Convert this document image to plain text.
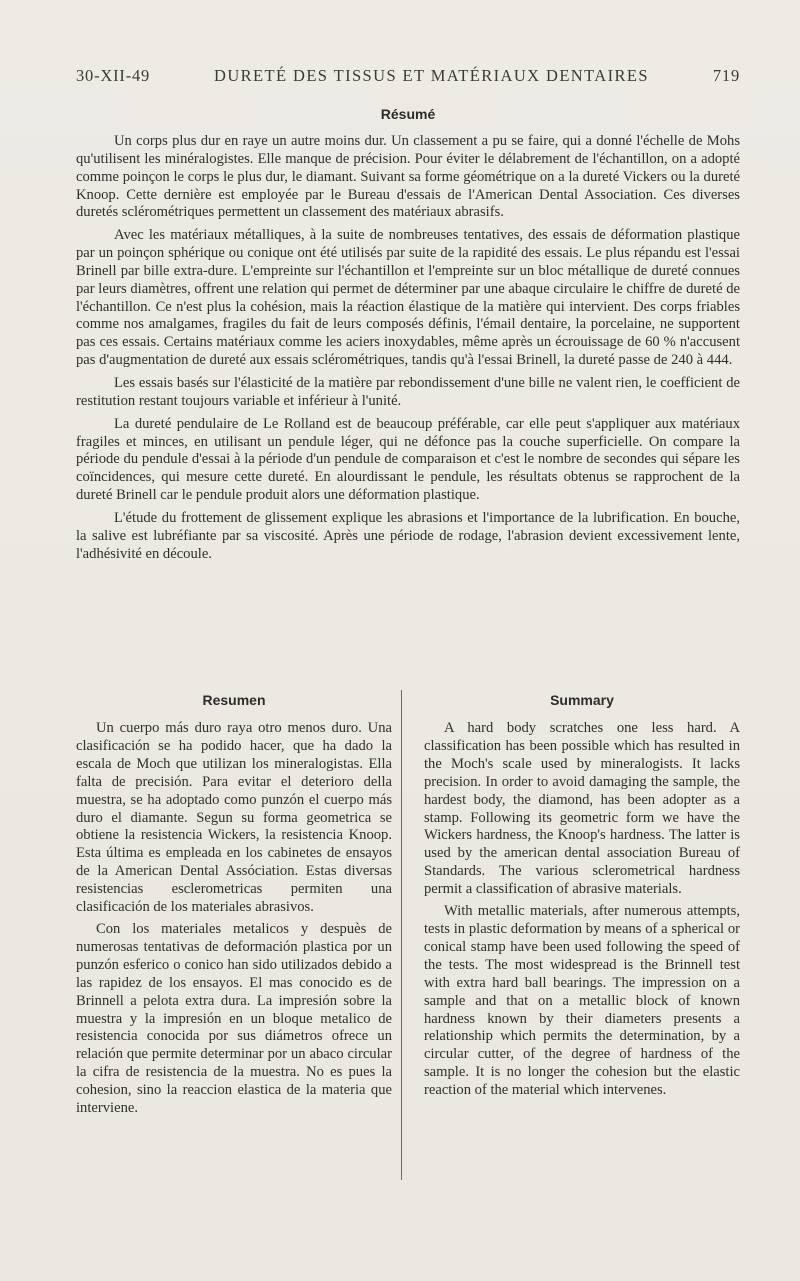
30-XII-49	DURETÉ DES TISSUS ET MATÉRIAUX DENTAIRES	719
Résumé

Un corps plus dur en raye un autre moins dur. Un classement a pu se faire, qui a donné l'échelle de Mohs qu'utilisent les minéralogistes. Elle manque de précision. Pour éviter le délabrement de l'échantillon, on a adopté comme poinçon le corps le plus dur, le diamant. Suivant sa forme géométrique on a la dureté Vickers ou la dureté Knoop. Cette dernière est employée par le Bureau d'essais de l'American Dental Association. Ces diverses duretés sclérométriques permettent un classement des matériaux abrasifs.

Avec les matériaux métalliques, à la suite de nombreuses tentatives, des essais de déformation plastique par un poinçon sphérique ou conique ont été utilisés par suite de la rapidité des essais. Le plus répandu est l'essai Brinell par bille extra-dure. L'empreinte sur l'échantillon et l'empreinte sur un bloc métallique de dureté connues par leurs diamètres, offrent une relation qui permet de déterminer par une abaque circulaire le chiffre de dureté de l'échantillon. Ce n'est plus la cohésion, mais la réaction élastique de la matière qui intervient. Des corps friables comme nos amalgames, fragiles du fait de leurs composés définis, l'émail dentaire, la porcelaine, ne supportent pas ces essais. Certains matériaux comme les aciers inoxydables, même après un écrouissage de 60 % n'accusent pas d'augmentation de dureté aux essais sclérométriques, tandis qu'à l'essai Brinell, la dureté passe de 240 à 444.

Les essais basés sur l'élasticité de la matière par rebondissement d'une bille ne valent rien, le coefficient de restitution restant toujours variable et inférieur à l'unité.

La dureté pendulaire de Le Rolland est de beaucoup préférable, car elle peut s'appliquer aux matériaux fragiles et minces, en utilisant un pendule léger, qui ne défonce pas la couche superficielle. On compare la période du pendule d'essai à la période d'un pendule de comparaison et c'est le nombre de secondes qui sépare les coïncidences, qui mesure cette dureté. En alourdissant le pendule, les résultats obtenus se rapprochent de la dureté Brinell car le pendule produit alors une déformation plastique.

L'étude du frottement de glissement explique les abrasions et l'importance de la lubrification. En bouche, la salive est lubréfiante par sa viscosité. Après une période de rodage, l'abrasion devient excessivement lente, l'adhésivité en découle.

Resumen

Un cuerpo más duro raya otro menos duro. Una clasificación se ha podido hacer, que ha dado la escala de Moch que utilizan los mineralogistas. Ella falta de precisión. Para evitar el deterioro della muestra, se ha adoptado como punzón el cuerpo más duro el diamante. Segun su forma geometrica se obtiene la resistencia Wickers, la resistencia Knoop. Esta última es empleada en los cabinetes de ensayos de la American Dental Assóciation. Estas diversas resistencias esclerometricas permiten una clasificación de los materiales abrasivos.

Con los materiales metalicos y despuès de numerosas tentativas de deformación plastica por un punzón esferico o conico han sido utilizados debido a las rapidez de los ensayos. El mas conocido es de Brinnell a pelota extra dura. La impresión sobre la muestra y la impresión en un bloque metalico de resistencia conocida por sus diámetros ofrece un relación que permite determinar por un abaco circular la cifra de resistencia de la muestra. No es pues la cohesion, sino la reaccion elastica de la materia que interviene.

Summary

A hard body scratches one less hard. A classification has been possible which has resulted in the Moch's scale used by mineralogists. It lacks precision. In order to avoid damaging the sample, the hardest body, the diamond, has been adopter as a stamp. Following its geometric form we have the Wickers hardness, the Knoop's hardness. The latter is used by the american dental association Bureau of Standards. The various sclerometrical hardness permit a classification of abrasive materials.

With metallic materials, after numerous attempts, tests in plastic deformation by means of a spherical or conical stamp have been used following the speed of the tests. The most widespread is the Brinnell test with extra hard ball bearings. The impression on a sample and that on a metallic block of known hardness known by their diameters presents a relationship which permits the determination, by a circular cutter, of the degree of hardness of the sample. It is no longer the cohesion but the elastic reaction of the material which intervenes.
